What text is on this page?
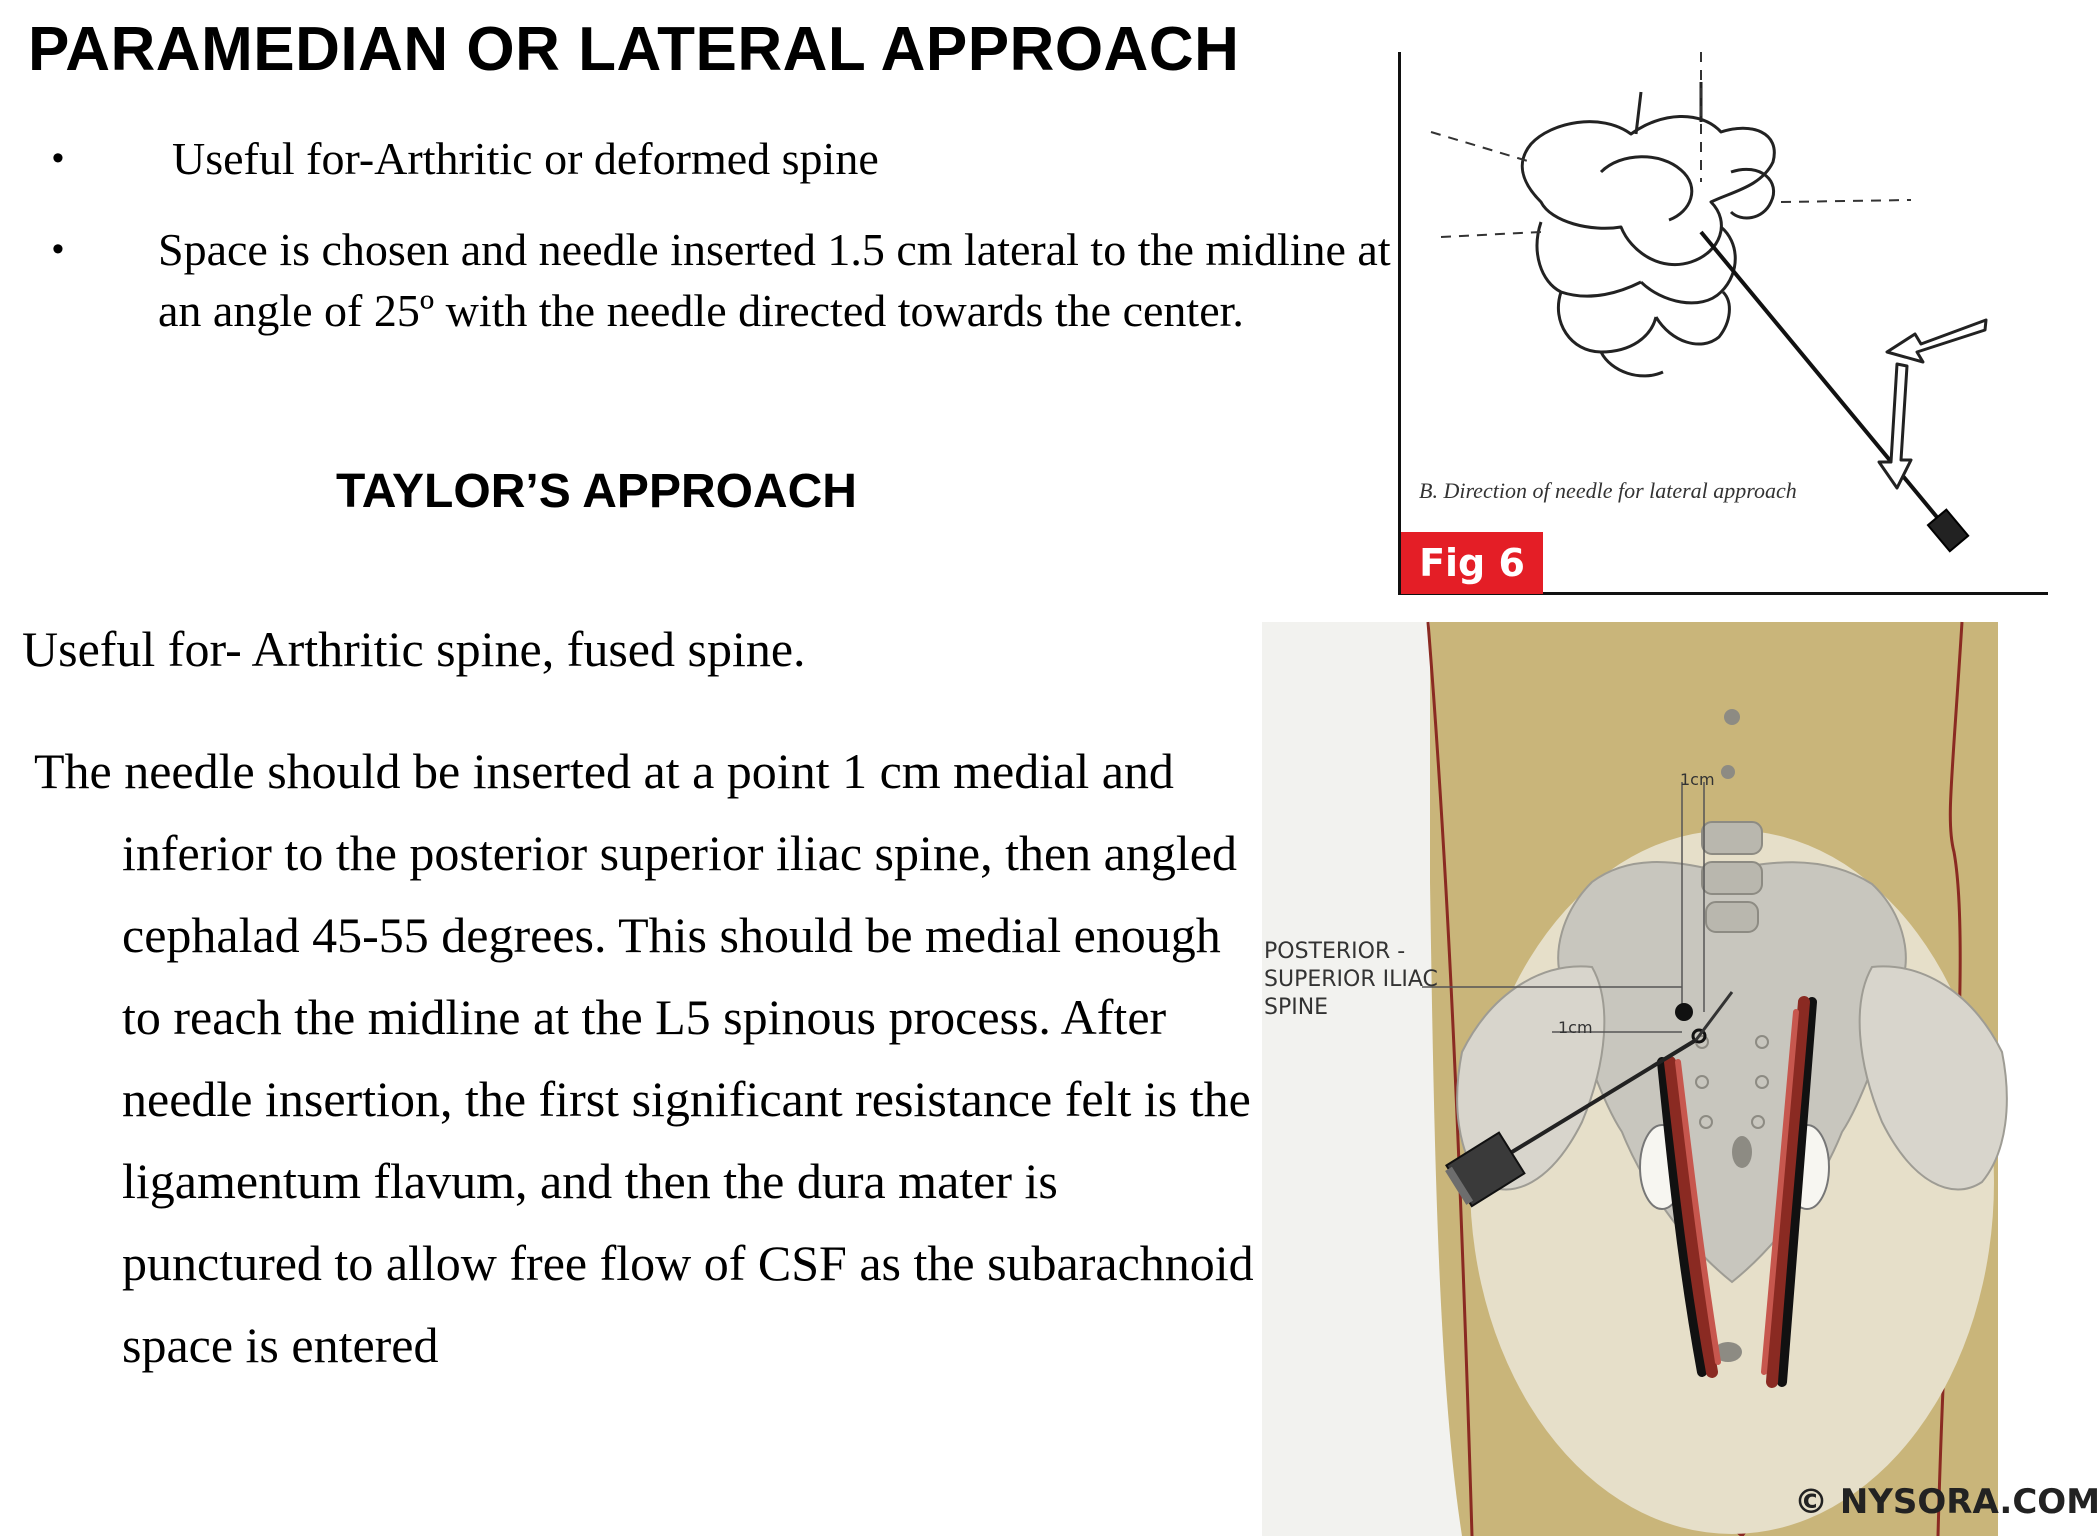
PARAMEDIAN OR LATERAL APPROACH
• Useful for-Arthritic or deformed spine
• Space is chosen and needle inserted 1.5 cm lateral to the midline at an angle of 25º with the needle directed towards the center.
TAYLOR’S APPROACH

Useful for- Arthritic spine, fused spine.

The needle should be inserted at a point 1 cm medial and inferior to the posterior superior iliac spine, then angled cephalad 45-55 degrees. This should be medial enough to reach the midline at the L5 spinous process. After needle insertion, the first significant resistance felt is the ligamentum flavum, and then the dura mater is punctured to allow free flow of CSF as the subarachnoid space is entered

B. Direction of needle for lateral approach
Fig 6
POSTERIOR - SUPERIOR ILIAC SPINE
1cm
1cm
© NYSORA.COM
